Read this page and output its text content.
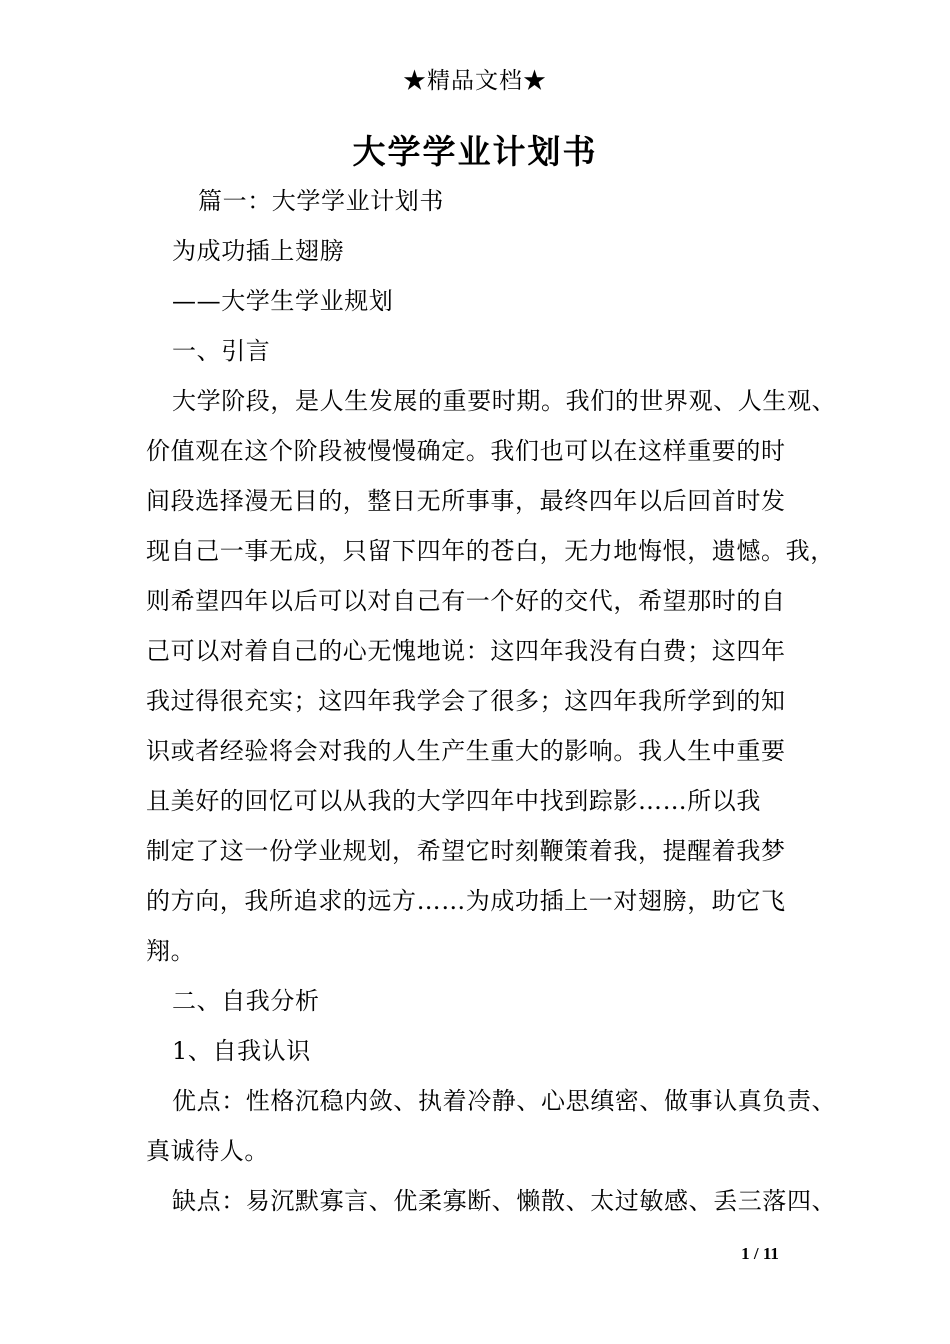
★精品文档★
大学学业计划书
篇一：大学学业计划书
为成功插上翅膀
——大学生学业规划
一、引言
大学阶段，是人生发展的重要时期。我们的世界观、人生观、
价值观在这个阶段被慢慢确定。我们也可以在这样重要的时
间段选择漫无目的，整日无所事事，最终四年以后回首时发
现自己一事无成，只留下四年的苍白，无力地悔恨，遗憾。我，
则希望四年以后可以对自己有一个好的交代，希望那时的自
己可以对着自己的心无愧地说：这四年我没有白费；这四年
我过得很充实；这四年我学会了很多；这四年我所学到的知
识或者经验将会对我的人生产生重大的影响。我人生中重要
且美好的回忆可以从我的大学四年中找到踪影……所以我
制定了这一份学业规划，希望它时刻鞭策着我，提醒着我梦
的方向，我所追求的远方……为成功插上一对翅膀，助它飞
翔。
二、自我分析
1、自我认识
优点：性格沉稳内敛、执着冷静、心思缜密、做事认真负责、
真诚待人。
缺点：易沉默寡言、优柔寡断、懒散、太过敏感、丢三落四、
1 / 11
